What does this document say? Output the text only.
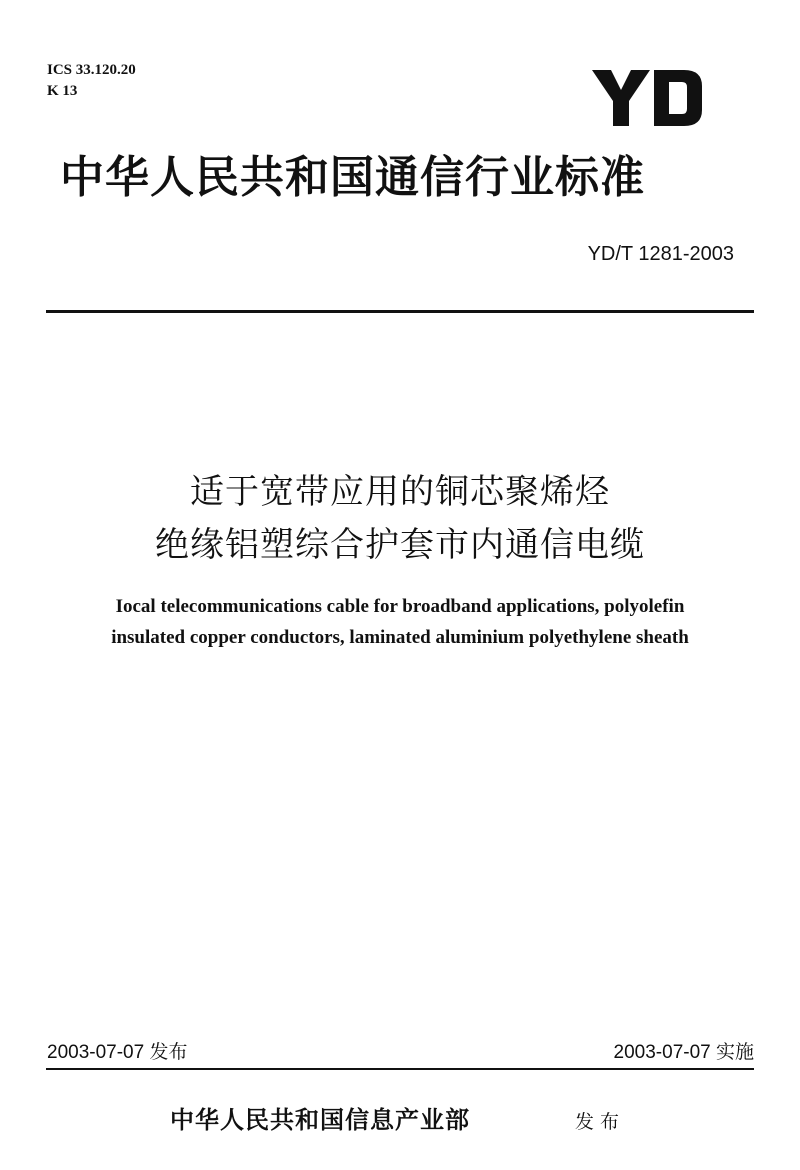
ICS 33.120.20
K 13
中华人民共和国通信行业标准
YD/T 1281-2003
适于宽带应用的铜芯聚烯烃
绝缘铝塑综合护套市内通信电缆
Iocal telecommunications cable for broadband applications, polyolefin
insulated copper conductors, laminated aluminium polyethylene sheath
2003-07-07 发布	2003-07-07 实施
中华人民共和国信息产业部	发布
